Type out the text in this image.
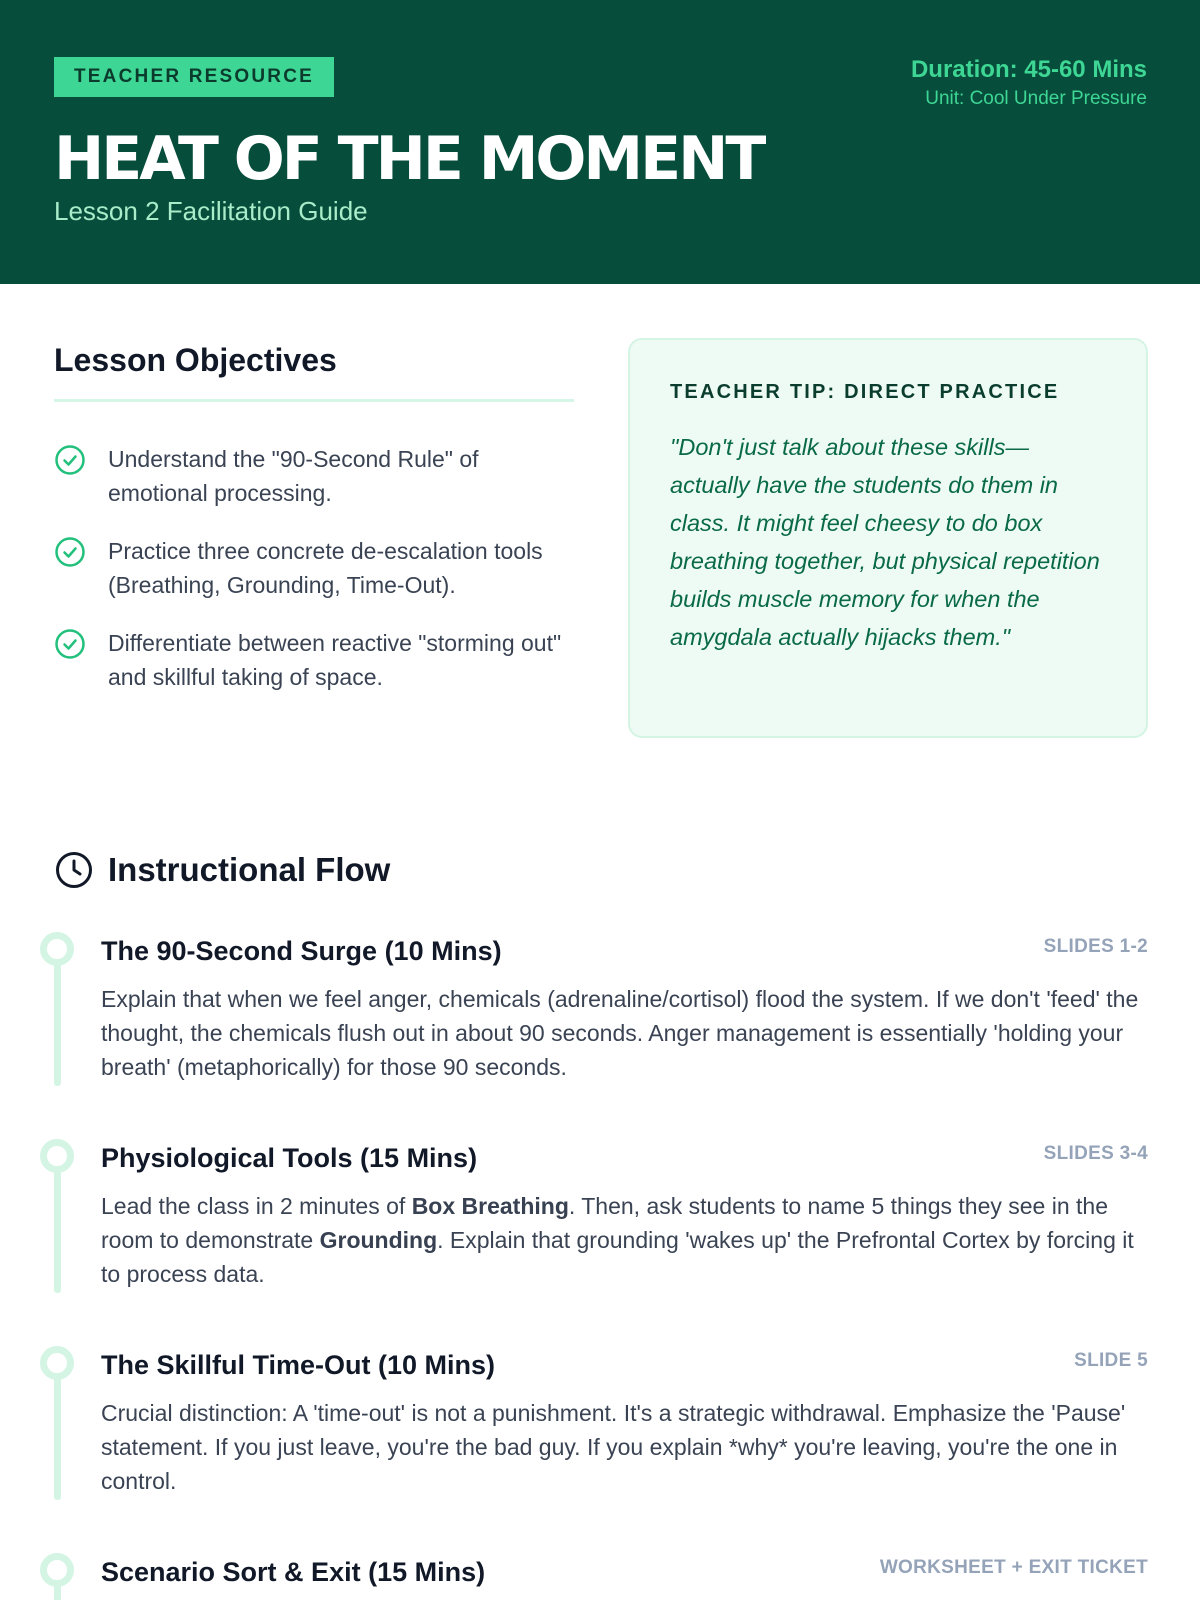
TEACHER RESOURCE
HEAT OF THE MOMENT
Lesson 2 Facilitation Guide
Duration: 45-60 Mins
Unit: Cool Under Pressure
Lesson Objectives
Understand the "90-Second Rule" of emotional processing.
Practice three concrete de-escalation tools (Breathing, Grounding, Time-Out).
Differentiate between reactive "storming out" and skillful taking of space.
TEACHER TIP: DIRECT PRACTICE

"Don't just talk about these skills—actually have the students do them in class. It might feel cheesy to do box breathing together, but physical repetition builds muscle memory for when the amygdala actually hijacks them."

Instructional Flow
The 90-Second Surge (10 Mins)	SLIDES 1-2

Explain that when we feel anger, chemicals (adrenaline/cortisol) flood the system. If we don't 'feed' the thought, the chemicals flush out in about 90 seconds. Anger management is essentially 'holding your breath' (metaphorically) for those 90 seconds.

Physiological Tools (15 Mins)	SLIDES 3-4

Lead the class in 2 minutes of Box Breathing. Then, ask students to name 5 things they see in the room to demonstrate Grounding. Explain that grounding 'wakes up' the Prefrontal Cortex by forcing it to process data.

The Skillful Time-Out (10 Mins)	SLIDE 5

Crucial distinction: A 'time-out' is not a punishment. It's a strategic withdrawal. Emphasize the 'Pause' statement. If you just leave, you're the bad guy. If you explain *why* you're leaving, you're the one in control.

Scenario Sort & Exit (15 Mins)	WORKSHEET + EXIT TICKET
